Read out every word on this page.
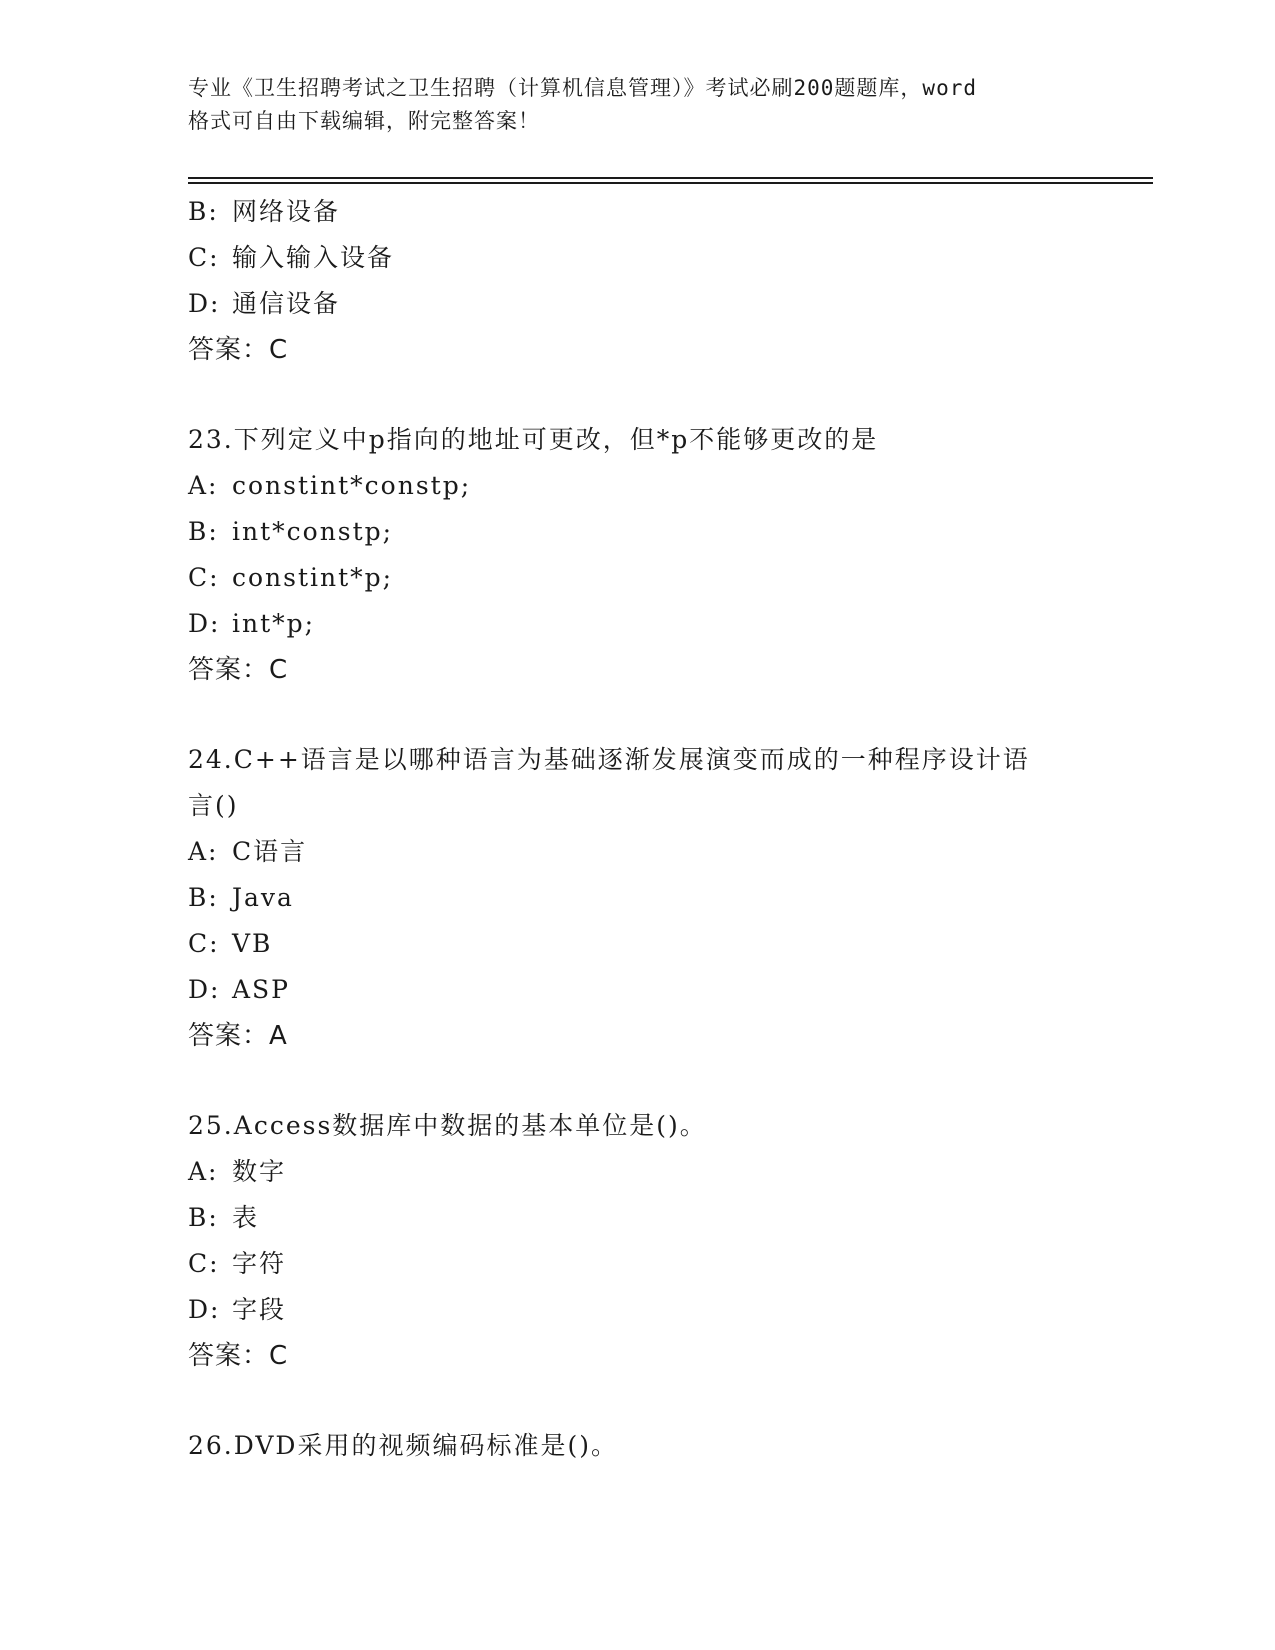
专业《卫生招聘考试之卫生招聘（计算机信息管理）》考试必刷200题题库，word
格式可自由下载编辑，附完整答案！
B: 网络设备
C: 输入输入设备
D: 通信设备
答案：C
23.下列定义中p指向的地址可更改，但*p不能够更改的是
A: constint*constp;
B: int*constp;
C: constint*p;
D: int*p;
答案：C
24.C++语言是以哪种语言为基础逐渐发展演变而成的一种程序设计语
言()
A: C语言
B: Java
C: VB
D: ASP
答案：A
25.Access数据库中数据的基本单位是()。
A: 数字
B: 表
C: 字符
D: 字段
答案：C
26.DVD采用的视频编码标准是()。
